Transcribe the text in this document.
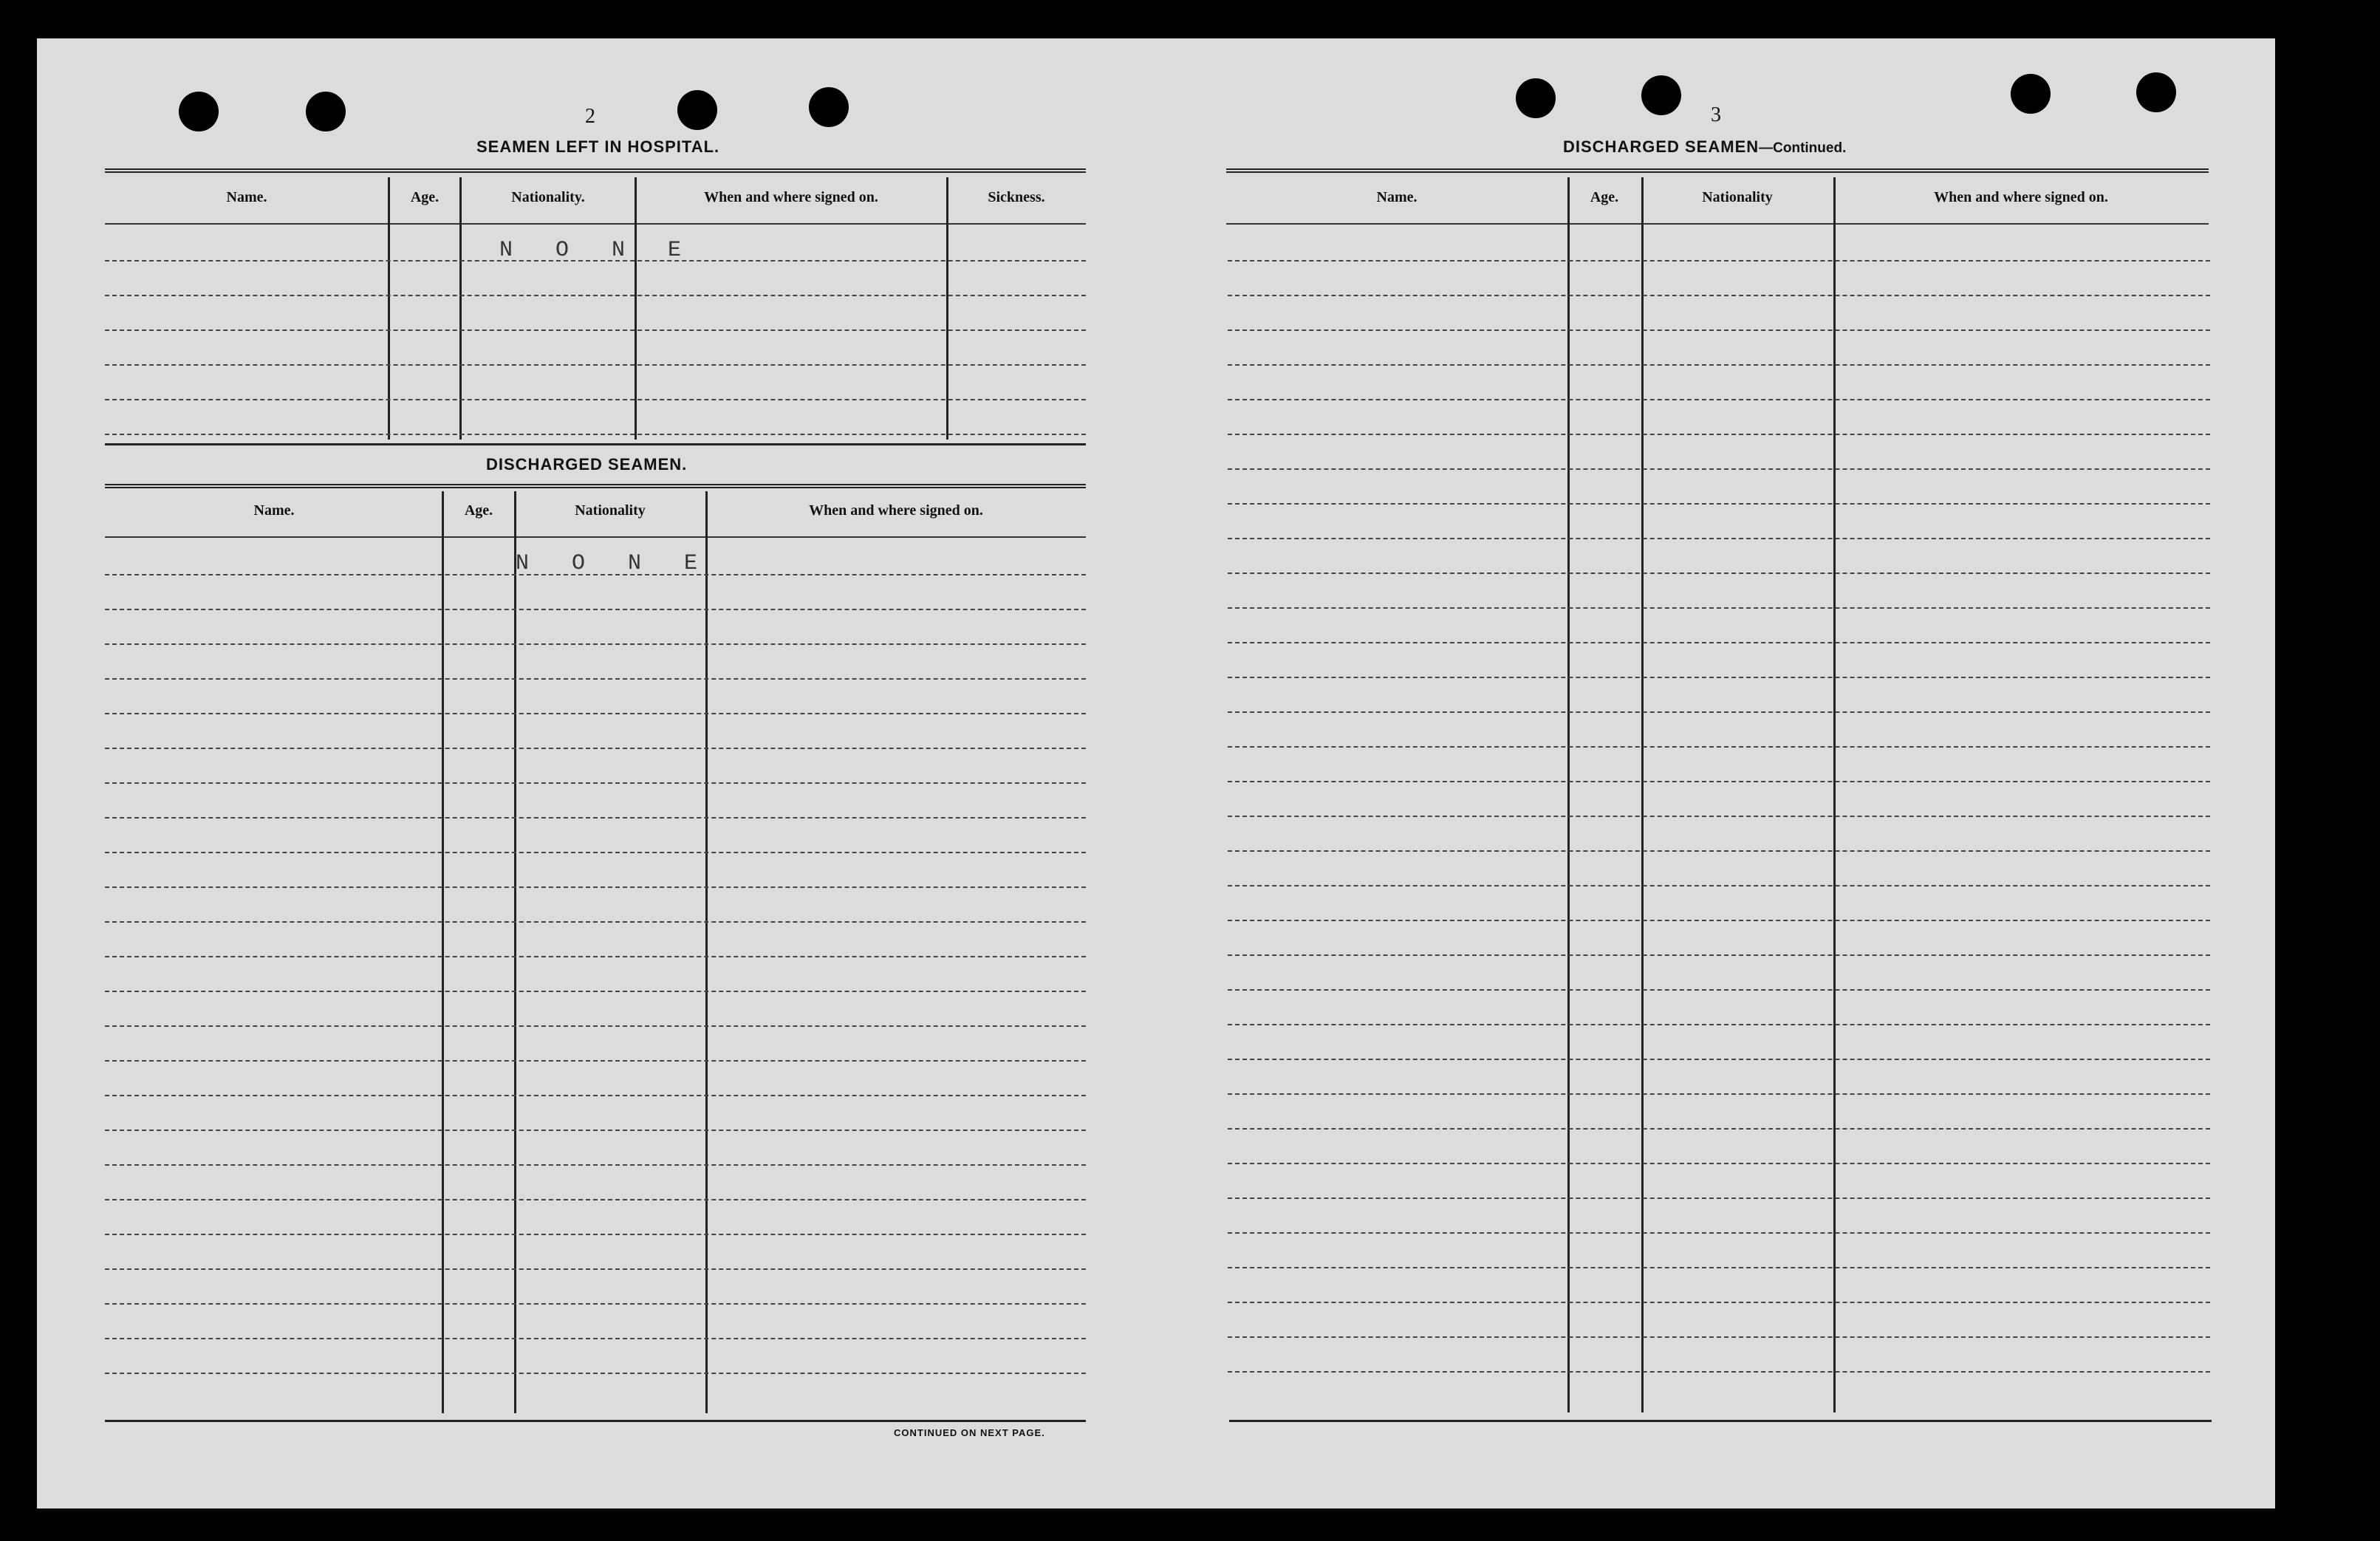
2
SEAMEN LEFT IN HOSPITAL.
Name.	Age.	Nationality.	When and where signed on.	Sickness.
N O N E
DISCHARGED SEAMEN.
Name.	Age.	Nationality	When and where signed on.
N O N E
CONTINUED ON NEXT PAGE.
3
DISCHARGED SEAMEN—Continued.
Name.	Age.	Nationality	When and where signed on.
